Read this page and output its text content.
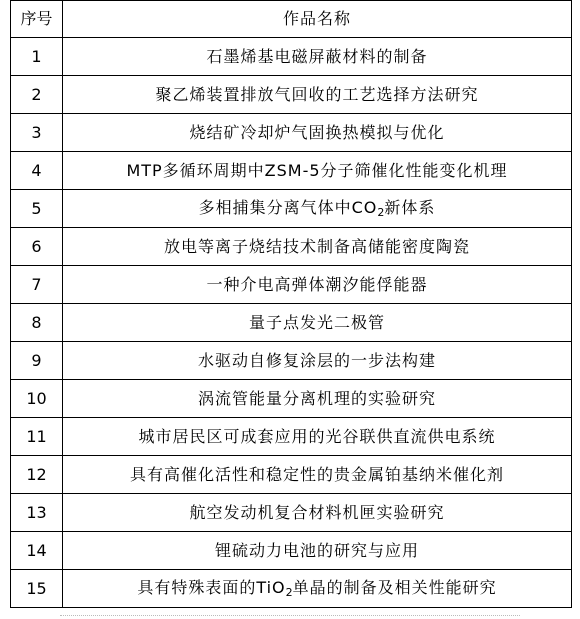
序号	作品名称
1	石墨烯基电磁屏蔽材料的制备
2	聚乙烯装置排放气回收的工艺选择方法研究
3	烧结矿冷却炉气固换热模拟与优化
4	MTP多循环周期中ZSM-5分子筛催化性能变化机理
5	多相捕集分离气体中$CO_2$新体系
6	放电等离子烧结技术制备高储能密度陶瓷
7	一种介电高弹体潮汐能俘能器
8	量子点发光二极管
9	水驱动自修复涂层的一步法构建
10	涡流管能量分离机理的实验研究
11	城市居民区可成套应用的光谷联供直流供电系统
12	具有高催化活性和稳定性的贵金属铂基纳米催化剂
13	航空发动机复合材料机匣实验研究
14	锂硫动力电池的研究与应用
15	具有特殊表面的TiO$_2$单晶的制备及相关性能研究
